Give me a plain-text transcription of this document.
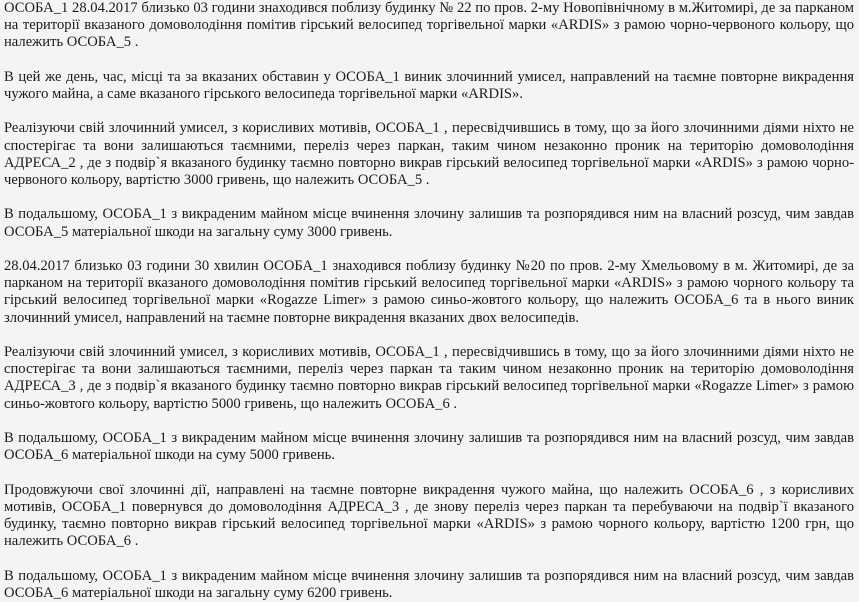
ОСОБА_1 28.04.2017 близько 03 години знаходився поблизу будинку № 22 по пров. 2-му Новопівнічному в м.Житомирі, де за парканом на території вказаного домоволодіння помітив гірський велосипед торгівельної марки «ARDIS» з рамою чорно-червоного кольору, що належить ОСОБА_5 .

В цей же день, час, місці та за вказаних обставин у ОСОБА_1 виник злочинний умисел, направлений на таємне повторне викрадення чужого майна, а саме вказаного гірського велосипеда торгівельної марки «ARDIS».

Реалізуючи свій злочинний умисел, з корисливих мотивів, ОСОБА_1 , пересвідчившись в тому, що за його злочинними діями ніхто не спостерігає та вони залишаються таємними, переліз через паркан, таким чином незаконно проник на територію домоволодіння АДРЕСА_2 , де з подвір`я вказаного будинку таємно повторно викрав гірський велосипед торгівельної марки «ARDIS» з рамою чорно-червоного кольору, вартістю 3000 гривень, що належить ОСОБА_5 .

В подальшому, ОСОБА_1 з викраденим майном місце вчинення злочину залишив та розпорядився ним на власний розсуд, чим завдав ОСОБА_5 матеріальної шкоди на загальну суму 3000 гривень.

28.04.2017 близько 03 години 30 хвилин ОСОБА_1 знаходився поблизу будинку №20 по пров. 2-му Хмельовому в м. Житомирі, де за парканом на території вказаного домоволодіння помітив гірський велосипед торгівельної марки «ARDIS» з рамою чорного кольору та гірський велосипед торгівельної марки «Rogazze Limer» з рамою синьо-жовтого кольору, що належить ОСОБА_6 та в нього виник злочинний умисел, направлений на таємне повторне викрадення вказаних двох велосипедів.

Реалізуючи свій злочинний умисел, з корисливих мотивів, ОСОБА_1 , пересвідчившись в тому, що за його злочинними діями ніхто не спостерігає та вони залишаються таємними, переліз через паркан та таким чином незаконно проник на територію домоволодіння АДРЕСА_3 , де з подвір`я вказаного будинку таємно повторно викрав гірський велосипед торгівельної марки «Rogazze Limer» з рамою синьо-жовтого кольору, вартістю 5000 гривень, що належить ОСОБА_6 .

В подальшому, ОСОБА_1 з викраденим майном місце вчинення злочину залишив та розпорядився ним на власний розсуд, чим завдав ОСОБА_6 матеріальної шкоди на суму 5000 гривень.

Продовжуючи свої злочинні дії, направлені на таємне повторне викрадення чужого майна, що належить ОСОБА_6 , з корисливих мотивів, ОСОБА_1 повернувся до домоволодіння АДРЕСА_3 , де знову переліз через паркан та перебуваючи на подвір`ї вказаного будинку, таємно повторно викрав гірський велосипед торгівельної марки «ARDIS» з рамою чорного кольору, вартістю 1200 грн, що належить ОСОБА_6 .

В подальшому, ОСОБА_1 з викраденим майном місце вчинення злочину залишив та розпорядився ним на власний розсуд, чим завдав ОСОБА_6 матеріальної шкоди на загальну суму 6200 гривень.
